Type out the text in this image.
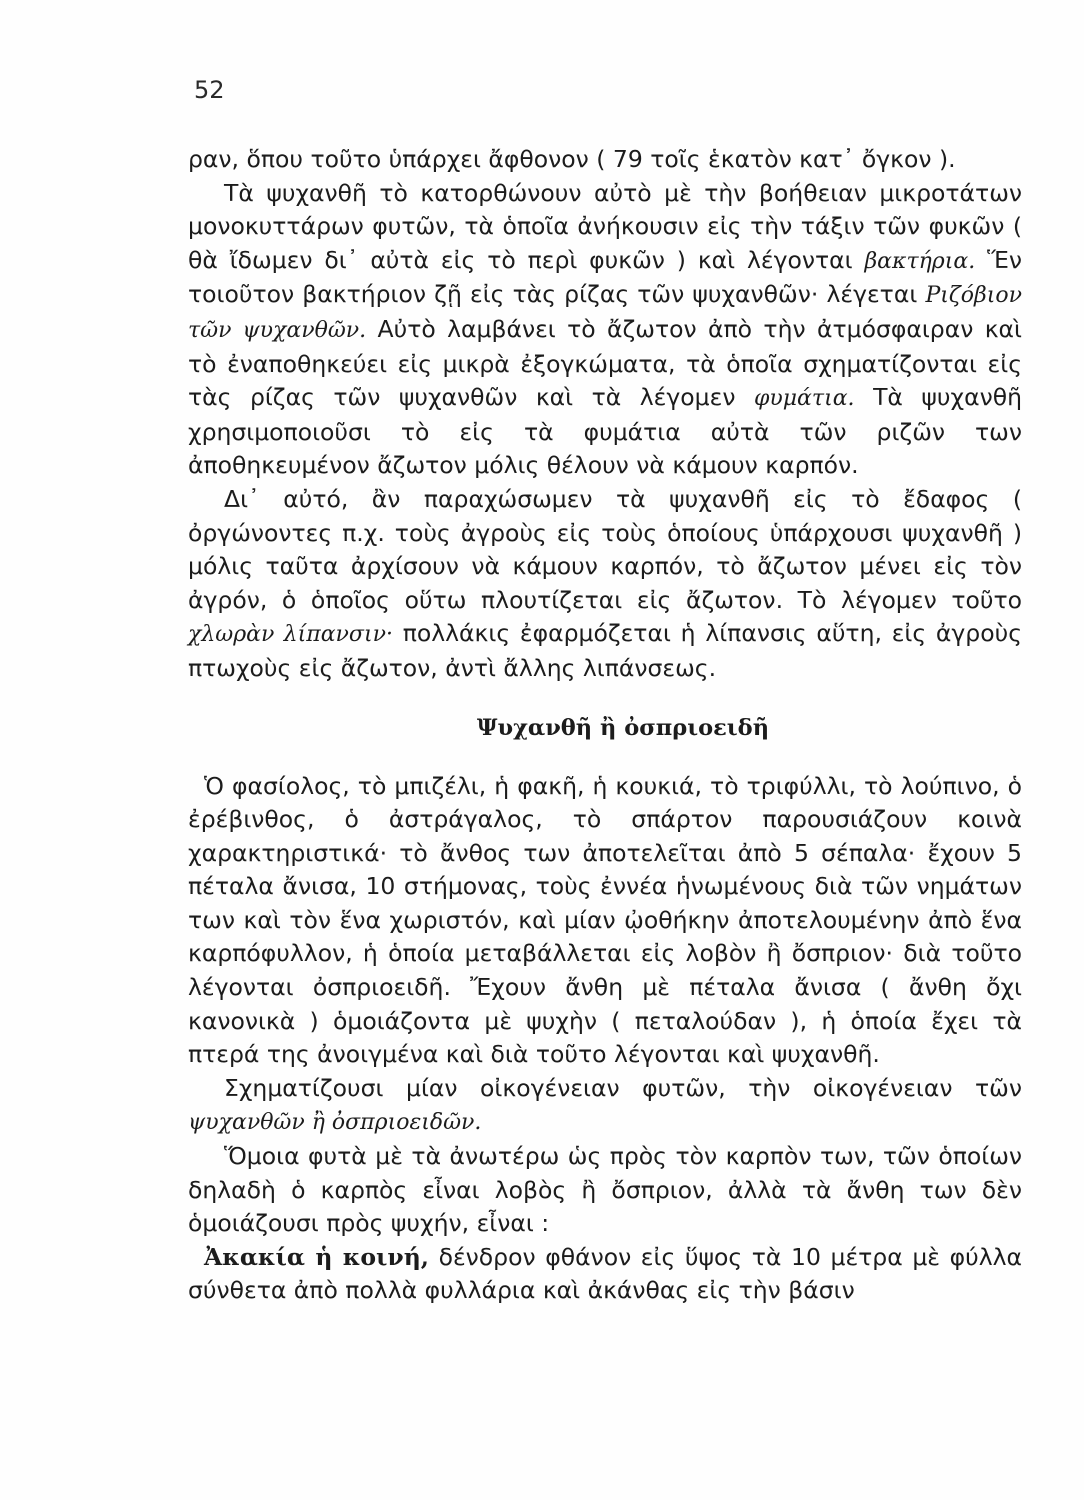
52

ραν, ὅπου τοῦτο ὑπάρχει ἄφθονον ( 79 τοῖς ἑκατὸν κατ᾽ ὄγκον ).

Τὰ ψυχανθῆ τὸ κατορθώνουν αὐτὸ μὲ τὴν βοήθειαν μικροτάτων μονοκυττάρων φυτῶν, τὰ ὁποῖα ἀνήκουσιν εἰς τὴν τάξιν τῶν φυκῶν ( θὰ ἴδωμεν δι᾽ αὐτὰ εἰς τὸ περὶ φυκῶν ) καὶ λέγονται βακτήρια. Ἕν τοιοῦτον βακτήριον ζῇ εἰς τὰς ρίζας τῶν ψυχανθῶν· λέγεται Ριζόβιον τῶν ψυχανθῶν. Αὐτὸ λαμβάνει τὸ ἄζωτον ἀπὸ τὴν ἀτμόσφαιραν καὶ τὸ ἐναποθηκεύει εἰς μικρὰ ἐξογκώματα, τὰ ὁποῖα σχηματίζονται εἰς τὰς ρίζας τῶν ψυχανθῶν καὶ τὰ λέγομεν φυμάτια. Τὰ ψυχανθῆ χρησιμοποιοῦσι τὸ εἰς τὰ φυμάτια αὐτὰ τῶν ριζῶν των ἀποθηκευμένον ἄζωτον μόλις θέλουν νὰ κάμουν καρπόν.

Δι᾽ αὐτό, ἂν παραχώσωμεν τὰ ψυχανθῆ εἰς τὸ ἔδαφος ( ὀργώνοντες π.χ. τοὺς ἀγροὺς εἰς τοὺς ὁποίους ὑπάρχουσι ψυχανθῆ ) μόλις ταῦτα ἀρχίσουν νὰ κάμουν καρπόν, τὸ ἄζωτον μένει εἰς τὸν ἀγρόν, ὁ ὁποῖος οὕτω πλουτίζεται εἰς ἄζωτον. Τὸ λέγομεν τοῦτο χλωρὰν λίπανσιν· πολλάκις ἐφαρμόζεται ἡ λίπανσις αὕτη, εἰς ἀγροὺς πτωχοὺς εἰς ἄζωτον, ἀντὶ ἄλλης λιπάνσεως.

Ψυχανθῆ ἢ ὀσπριοειδῆ

Ὁ φασίολος, τὸ μπιζέλι, ἡ φακῆ, ἡ κουκιά, τὸ τριφύλλι, τὸ λούπινο, ὁ ἐρέβινθος, ὁ ἀστράγαλος, τὸ σπάρτον παρουσιάζουν κοινὰ χαρακτηριστικά· τὸ ἄνθος των ἀποτελεῖται ἀπὸ 5 σέπαλα· ἔχουν 5 πέταλα ἄνισα, 10 στήμονας, τοὺς ἐννέα ἡνωμένους διὰ τῶν νημάτων των καὶ τὸν ἕνα χωριστόν, καὶ μίαν ᾠοθήκην ἀποτελουμένην ἀπὸ ἕνα καρπόφυλλον, ἡ ὁποία μεταβάλλεται εἰς λοβὸν ἢ ὄσπριον· διὰ τοῦτο λέγονται ὀσπριοειδῆ. Ἔχουν ἄνθη μὲ πέταλα ἄνισα ( ἄνθη ὄχι κανονικὰ ) ὁμοιάζοντα μὲ ψυχὴν ( πεταλούδαν ), ἡ ὁποία ἔχει τὰ πτερά της ἀνοιγμένα καὶ διὰ τοῦτο λέγονται καὶ ψυχανθῆ.

Σχηματίζουσι μίαν οἰκογένειαν φυτῶν, τὴν οἰκογένειαν τῶν ψυχανθῶν ἢ ὀσπριοειδῶν.

Ὅμοια φυτὰ μὲ τὰ ἀνωτέρω ὡς πρὸς τὸν καρπὸν των, τῶν ὁποίων δηλαδὴ ὁ καρπὸς εἶναι λοβὸς ἢ ὄσπριον, ἀλλὰ τὰ ἄνθη των δὲν ὁμοιάζουσι πρὸς ψυχήν, εἶναι :

Ἀκακία ἡ κοινή, δένδρον φθάνον εἰς ὕψος τὰ 10 μέτρα μὲ φύλλα σύνθετα ἀπὸ πολλὰ φυλλάρια καὶ ἀκάνθας εἰς τὴν βάσιν
